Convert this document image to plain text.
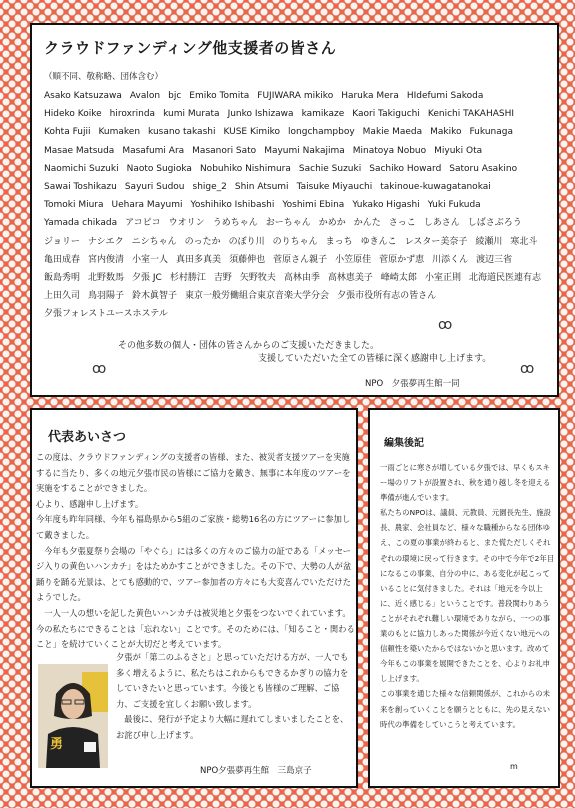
クラウドファンディング他支援者の皆さん
（順不同、敬称略、団体含む）
Asako Katsuzawa Avalon bjc Emiko Tomita FUJIWARA mikiko Haruka Mera HIdefumi SakodaHideko Koike hiroxrinda kumi Murata Junko Ishizawa kamikaze Kaori Takiguchi Kenichi TAKAHASHIKohta Fujii Kumaken kusano takashi KUSE Kimiko longchampboy Makie Maeda Makiko FukunagaMasae Matsuda Masafumi Ara Masanori Sato Mayumi Nakajima Minatoya Nobuo Miyuki OtaNaomichi Suzuki Naoto Sugioka Nobuhiko Nishimura Sachie Suzuki Sachiko Howard Satoru AsakinoSawai Toshikazu Sayuri Sudou shige_2 Shin Atsumi Taisuke Miyauchi takinoue-kuwagatanokaiTomoki Miura Uehara Mayumi Yoshihiko Ishibashi Yoshimi Ebina Yukako Higashi Yuki FukudaYamada chikada アコピコ ウオリン うめちゃん おーちゃん かめか かんた さっこ しあさん しばさぶろうジョリー ナシエク ニシちゃん のったか のぼり川 のりちゃん まっち ゆきんこ レスター美奈子 綾瀬川 寒北斗亀田成春 宮内俊清 小室一人 真田多真美 須藤伸也 菅原さん親子 小笠原佳 菅原かず恵 川添くん 渡辺三省飯島秀明 北野数馬 夕張 JC 杉村勝江 吉野 矢野牧夫 高林由季 高林恵美子 峰崎太郎 小室正則 北海道民医連有志上田久司 鳥羽陽子 鈴木眞智子 東京一般労働組合東京音楽大学分会 夕張市役所有志の皆さん夕張フォレストユースホステル
ꝏ
その他多数の個人・団体の皆さんからのご支援いただきました。
支援していただいた全ての皆様に深く感謝申し上げます。
ꝏ	ꝏ
NPO　夕張夢再生館一同
代表あいさつ

この度は、クラウドファンディングの支援者の皆様、また、被災者支援ツアーを実施するに当たり、多くの地元夕張市民の皆様にご協力を戴き、無事に本年度のツアーを実施をすることができました。

心より、感謝申し上げます。

今年度も昨年同様、今年も福島県から5組のご家族・総勢16名の方にツアーに参加して戴きました。

　今年も夕張夏祭り会場の「やぐら」には多くの方々のご協力の証である「メッセージ入りの黄色いハンカチ」をはためかすことができました。その下で、大勢の人が盆踊りを踊る光景は、とても感動的で、ツアー参加者の方々にも大変喜んでいただけたようでした。

　一人一人の想いを記した黄色いハンカチは被災地と夕張をつないでくれています。今の私たちにできることは「忘れない」ことです。そのためには、「知ること・関わること」を続けていくことが大切だと考えています。

勇

夕張が「第二のふるさと」と思っていただける方が、一人でも多く増えるように、私たちはこれからもできるかぎりの協力をしていきたいと思っています。今後とも皆様のご理解、ご協力、ご支援を宜しくお願い致します。

　最後に、発行が予定より大幅に遅れてしまいましたことを、お詫び申し上げます。

NPO夕張夢再生館　三島京子
編集後記

一雨ごとに寒さが増している夕張では、早くもスキー場のリフトが設置され、秋を通り越し冬を迎える準備が進んでいます。

私たちのNPOは、議員、元教員、元園長先生、施設長、農家、会社員など、様々な職種からなる団体ゆえ、この夏の事業が終わると、また慌ただしくそれぞれの環境に戻って行きます。その中で今年で2年目になるこの事業、自分の中に、ある変化が起こっていることに気付きました。それは「地元を今以上に、近く感じる」ということです。普段関わりあうことがそれぞれ難しい環境でありながら、一つの事業のもとに協力しあった関係が今近くない地元への信頼性を築いたからではないかと思います。改めて今年もこの事業を展開できたことを、心よりお礼申し上げます。

この事業を通じた様々な信頼関係が、これからの未来を創っていくことを願うとともに、先の見えない時代の準備をしていこうと考えています。

m
